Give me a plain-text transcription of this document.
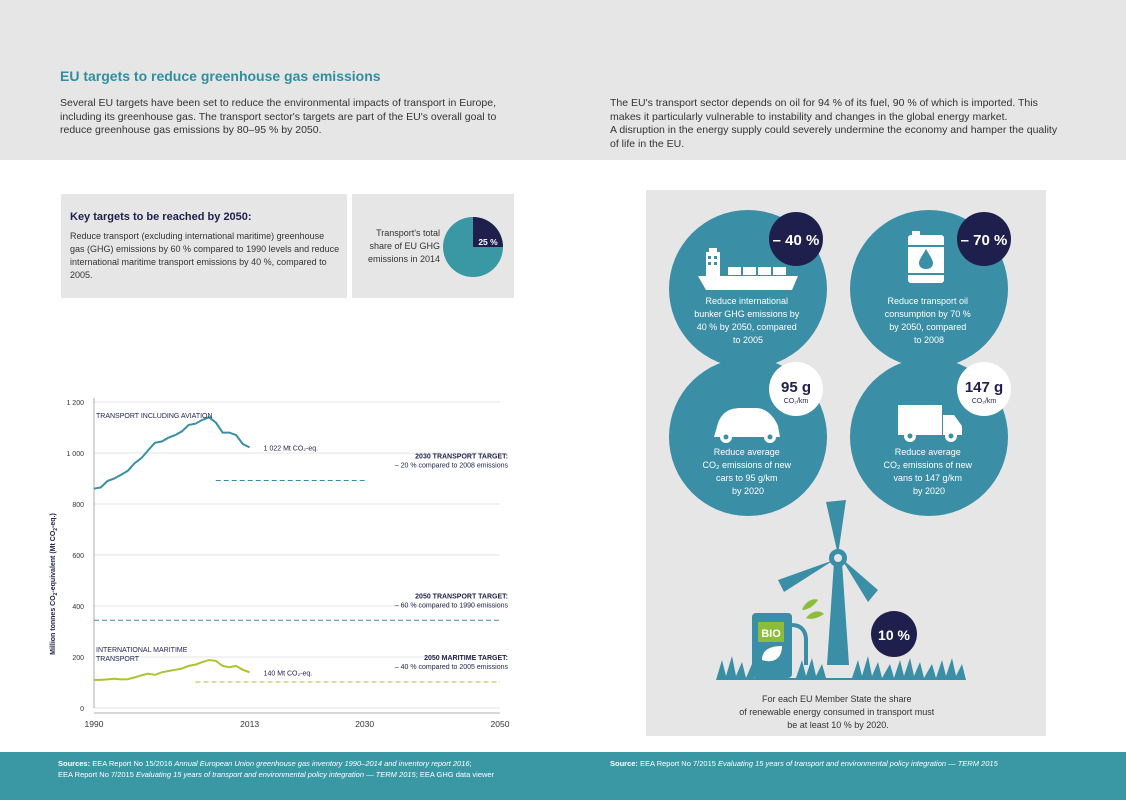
EU targets to reduce greenhouse gas emissions
Several EU targets have been set to reduce the environmental impacts of transport in Europe, including its greenhouse gas. The transport sector's targets are part of the EU's overall goal to reduce greenhouse gas emissions by 80–95 % by 2050.
The EU's transport sector depends on oil for 94 % of its fuel, 90 % of which is imported. This makes it particularly vulnerable to instability and changes in the global energy market.
A disruption in the energy supply could severely undermine the economy and hamper the quality of life in the EU.
Key targets to be reached by 2050:
Reduce transport (excluding international maritime) greenhouse gas (GHG) emissions by 60 % compared to 1990 levels and reduce international maritime transport emissions by 40 %, compared to 2005.
Transport's total share of EU GHG emissions in 2014
25 %
0
200
400
600
800
1 000
1 200
1990	2013	2030	2050
2030 TRANSPORT TARGET:
– 20 % compared to 2008 emissions
2050 TRANSPORT TARGET:
– 60 % compared to 1990 emissions
2050 MARITIME TARGET:
– 40 % compared to 2005 emissions
1 022 Mt CO₂-eq.
TRANSPORT INCLUDING AVIATION
140 Mt CO₂-eq.
INTERNATIONAL MARITIME
TRANSPORT
Million tonnes $CO_2$-equivalent (Mt $CO_2-eq$.)
– 40 %
Reduce international bunker GHG emissions by 40 % by 2050, compared to 2005
– 70 %
Reduce transport oil consumption by 70 % by 2050, compared to 2008
95 g
CO₂/km
Reduce average CO₂ emissions of new cars to 95 g/km by 2020
147 g
CO₂/km
Reduce average CO₂ emissions of new vans to 147 g/km by 2020
BIO	10 %
For each EU Member State the share of renewable energy consumed in transport must be at least 10 % by 2020.
Sources: EEA Report No 15/2016 Annual European Union greenhouse gas inventory 1990–2014 and inventory report 2016;
EEA Report No 7/2015 Evaluating 15 years of transport and environmental policy integration — TERM 2015; EEA GHG data viewer
Source: EEA Report No 7/2015 Evaluating 15 years of transport and environmental policy integration — TERM 2015
